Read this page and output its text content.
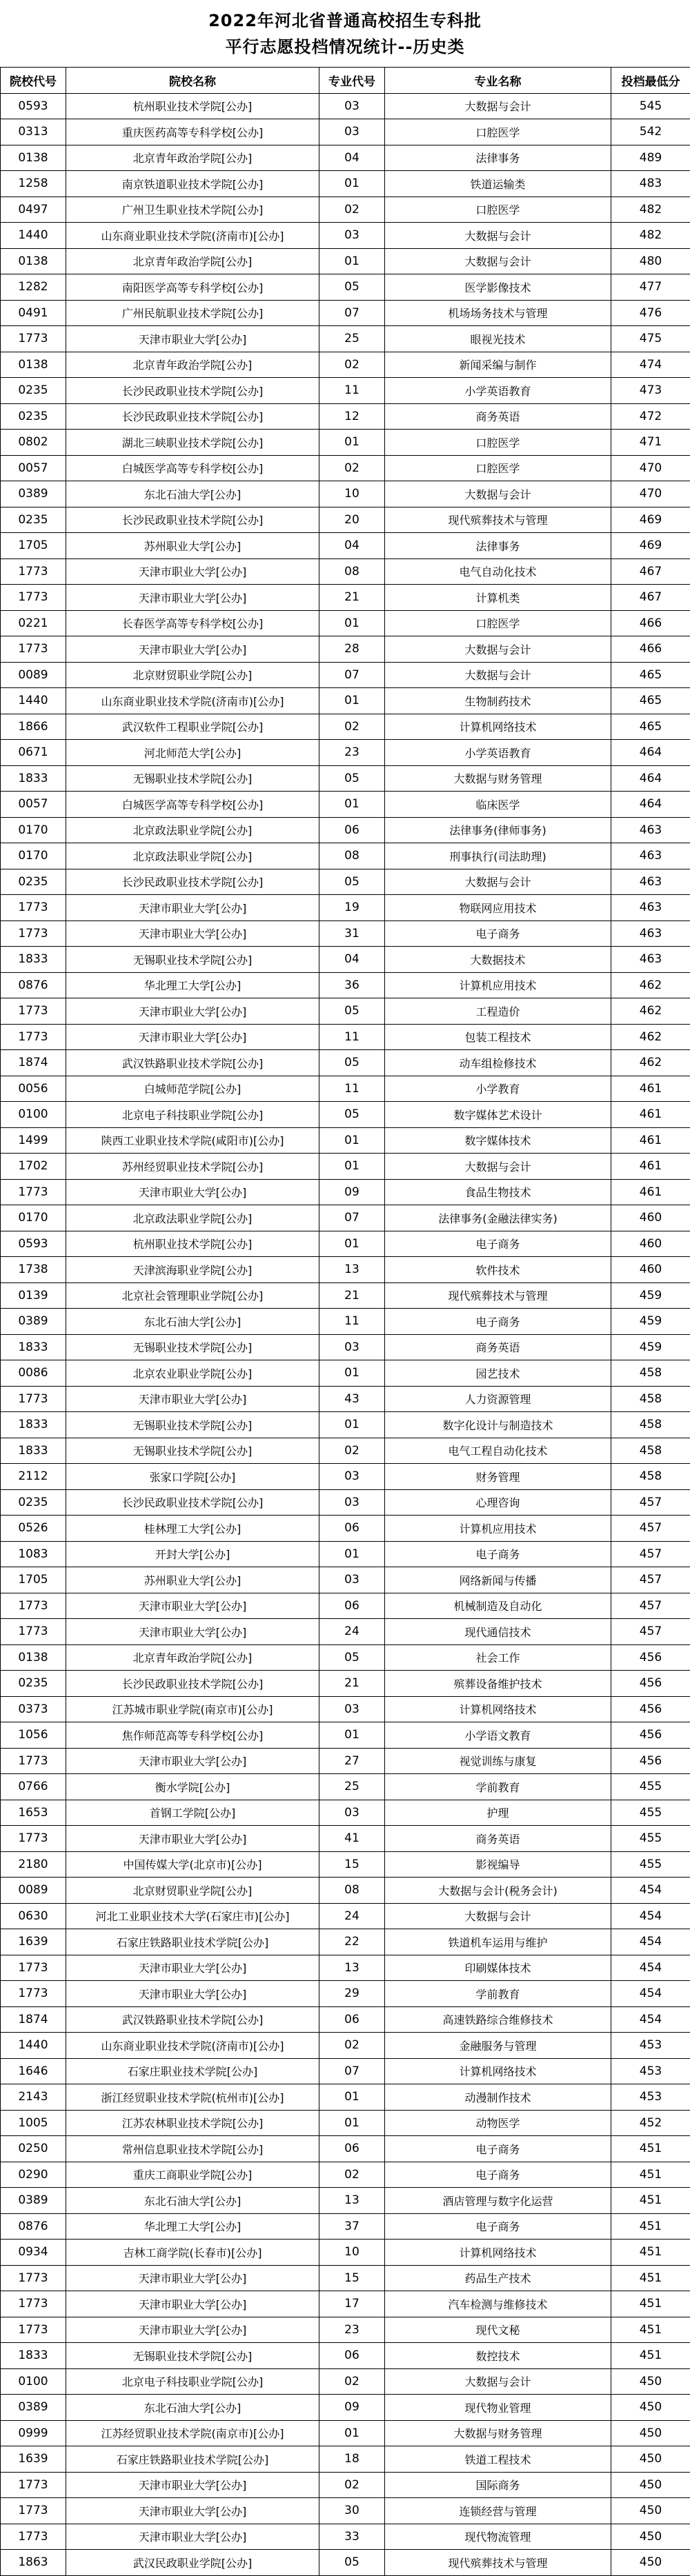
2022年河北省普通高校招生专科批
平行志愿投档情况统计--历史类
院校代号	院校名称	专业代号	专业名称	投档最低分
0593	杭州职业技术学院[公办]	03	大数据与会计	545
0313	重庆医药高等专科学校[公办]	03	口腔医学	542
0138	北京青年政治学院[公办]	04	法律事务	489
1258	南京铁道职业技术学院[公办]	01	铁道运输类	483
0497	广州卫生职业技术学院[公办]	02	口腔医学	482
1440	山东商业职业技术学院(济南市)[公办]	03	大数据与会计	482
0138	北京青年政治学院[公办]	01	大数据与会计	480
1282	南阳医学高等专科学校[公办]	05	医学影像技术	477
0491	广州民航职业技术学院[公办]	07	机场场务技术与管理	476
1773	天津市职业大学[公办]	25	眼视光技术	475
0138	北京青年政治学院[公办]	02	新闻采编与制作	474
0235	长沙民政职业技术学院[公办]	11	小学英语教育	473
0235	长沙民政职业技术学院[公办]	12	商务英语	472
0802	湖北三峡职业技术学院[公办]	01	口腔医学	471
0057	白城医学高等专科学校[公办]	02	口腔医学	470
0389	东北石油大学[公办]	10	大数据与会计	470
0235	长沙民政职业技术学院[公办]	20	现代殡葬技术与管理	469
1705	苏州职业大学[公办]	04	法律事务	469
1773	天津市职业大学[公办]	08	电气自动化技术	467
1773	天津市职业大学[公办]	21	计算机类	467
0221	长春医学高等专科学校[公办]	01	口腔医学	466
1773	天津市职业大学[公办]	28	大数据与会计	466
0089	北京财贸职业学院[公办]	07	大数据与会计	465
1440	山东商业职业技术学院(济南市)[公办]	01	生物制药技术	465
1866	武汉软件工程职业学院[公办]	02	计算机网络技术	465
0671	河北师范大学[公办]	23	小学英语教育	464
1833	无锡职业技术学院[公办]	05	大数据与财务管理	464
0057	白城医学高等专科学校[公办]	01	临床医学	464
0170	北京政法职业学院[公办]	06	法律事务(律师事务)	463
0170	北京政法职业学院[公办]	08	刑事执行(司法助理)	463
0235	长沙民政职业技术学院[公办]	05	大数据与会计	463
1773	天津市职业大学[公办]	19	物联网应用技术	463
1773	天津市职业大学[公办]	31	电子商务	463
1833	无锡职业技术学院[公办]	04	大数据技术	463
0876	华北理工大学[公办]	36	计算机应用技术	462
1773	天津市职业大学[公办]	05	工程造价	462
1773	天津市职业大学[公办]	11	包装工程技术	462
1874	武汉铁路职业技术学院[公办]	05	动车组检修技术	462
0056	白城师范学院[公办]	11	小学教育	461
0100	北京电子科技职业学院[公办]	05	数字媒体艺术设计	461
1499	陕西工业职业技术学院(咸阳市)[公办]	01	数字媒体技术	461
1702	苏州经贸职业技术学院[公办]	01	大数据与会计	461
1773	天津市职业大学[公办]	09	食品生物技术	461
0170	北京政法职业学院[公办]	07	法律事务(金融法律实务)	460
0593	杭州职业技术学院[公办]	01	电子商务	460
1738	天津滨海职业学院[公办]	13	软件技术	460
0139	北京社会管理职业学院[公办]	21	现代殡葬技术与管理	459
0389	东北石油大学[公办]	11	电子商务	459
1833	无锡职业技术学院[公办]	03	商务英语	459
0086	北京农业职业学院[公办]	01	园艺技术	458
1773	天津市职业大学[公办]	43	人力资源管理	458
1833	无锡职业技术学院[公办]	01	数字化设计与制造技术	458
1833	无锡职业技术学院[公办]	02	电气工程自动化技术	458
2112	张家口学院[公办]	03	财务管理	458
0235	长沙民政职业技术学院[公办]	03	心理咨询	457
0526	桂林理工大学[公办]	06	计算机应用技术	457
1083	开封大学[公办]	01	电子商务	457
1705	苏州职业大学[公办]	03	网络新闻与传播	457
1773	天津市职业大学[公办]	06	机械制造及自动化	457
1773	天津市职业大学[公办]	24	现代通信技术	457
0138	北京青年政治学院[公办]	05	社会工作	456
0235	长沙民政职业技术学院[公办]	21	殡葬设备维护技术	456
0373	江苏城市职业学院(南京市)[公办]	03	计算机网络技术	456
1056	焦作师范高等专科学校[公办]	01	小学语文教育	456
1773	天津市职业大学[公办]	27	视觉训练与康复	456
0766	衡水学院[公办]	25	学前教育	455
1653	首钢工学院[公办]	03	护理	455
1773	天津市职业大学[公办]	41	商务英语	455
2180	中国传媒大学(北京市)[公办]	15	影视编导	455
0089	北京财贸职业学院[公办]	08	大数据与会计(税务会计)	454
0630	河北工业职业技术大学(石家庄市)[公办]	24	大数据与会计	454
1639	石家庄铁路职业技术学院[公办]	22	铁道机车运用与维护	454
1773	天津市职业大学[公办]	13	印刷媒体技术	454
1773	天津市职业大学[公办]	29	学前教育	454
1874	武汉铁路职业技术学院[公办]	06	高速铁路综合维修技术	454
1440	山东商业职业技术学院(济南市)[公办]	02	金融服务与管理	453
1646	石家庄职业技术学院[公办]	07	计算机网络技术	453
2143	浙江经贸职业技术学院(杭州市)[公办]	01	动漫制作技术	453
1005	江苏农林职业技术学院[公办]	01	动物医学	452
0250	常州信息职业技术学院[公办]	06	电子商务	451
0290	重庆工商职业学院[公办]	02	电子商务	451
0389	东北石油大学[公办]	13	酒店管理与数字化运营	451
0876	华北理工大学[公办]	37	电子商务	451
0934	吉林工商学院(长春市)[公办]	10	计算机网络技术	451
1773	天津市职业大学[公办]	15	药品生产技术	451
1773	天津市职业大学[公办]	17	汽车检测与维修技术	451
1773	天津市职业大学[公办]	23	现代文秘	451
1833	无锡职业技术学院[公办]	06	数控技术	451
0100	北京电子科技职业学院[公办]	02	大数据与会计	450
0389	东北石油大学[公办]	09	现代物业管理	450
0999	江苏经贸职业技术学院(南京市)[公办]	01	大数据与财务管理	450
1639	石家庄铁路职业技术学院[公办]	18	铁道工程技术	450
1773	天津市职业大学[公办]	02	国际商务	450
1773	天津市职业大学[公办]	30	连锁经营与管理	450
1773	天津市职业大学[公办]	33	现代物流管理	450
1863	武汉民政职业学院[公办]	05	现代殡葬技术与管理	450
